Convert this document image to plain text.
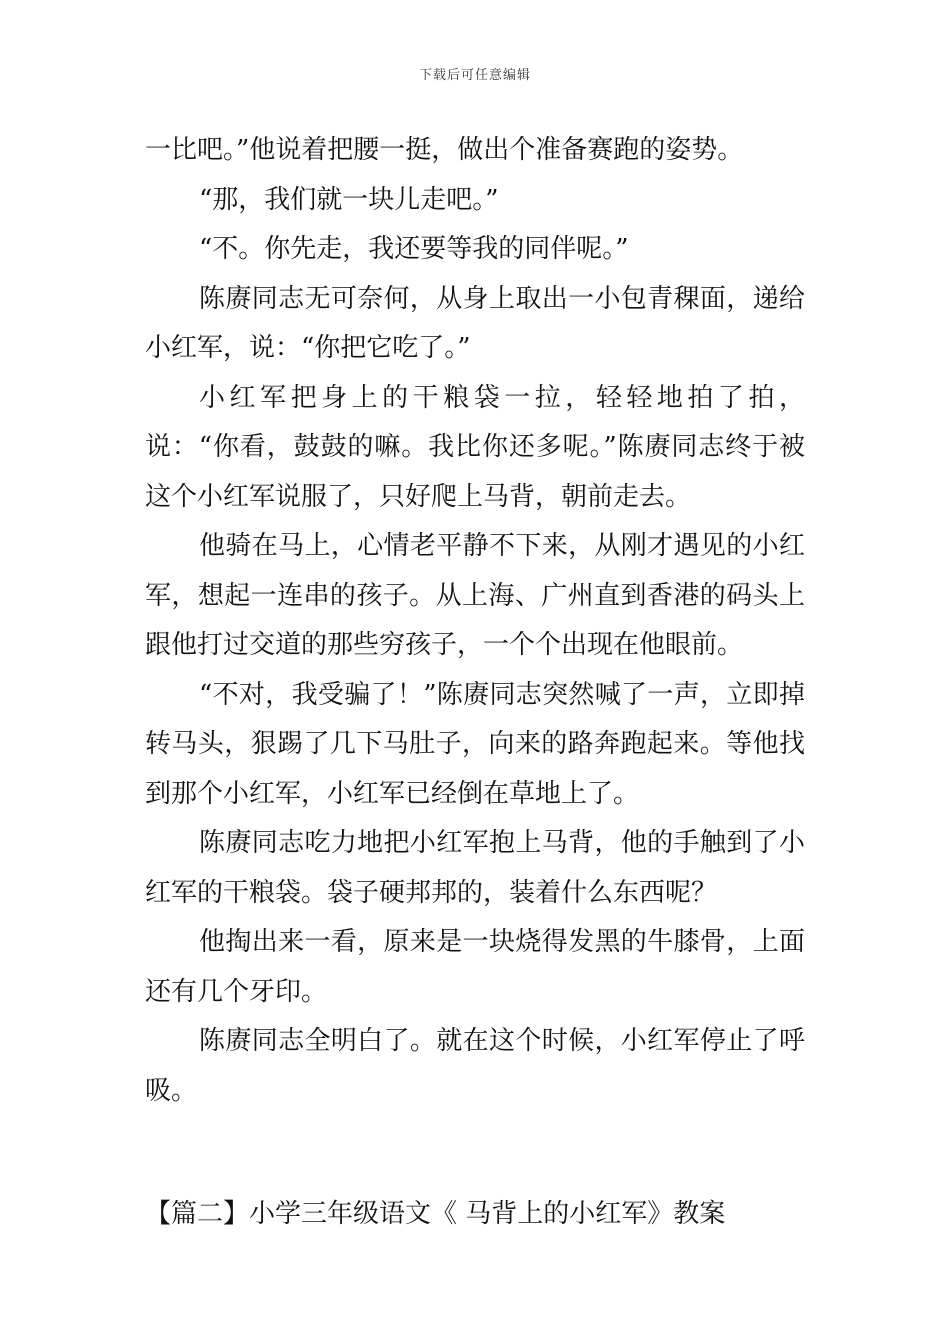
下载后可任意编辑

一比吧。”他说着把腰一挺，做出个准备赛跑的姿势。

“那，我们就一块儿走吧。”

“不。你先走，我还要等我的同伴呢。”

陈赓同志无可奈何，从身上取出一小包青稞面，递给小红军，说：“你把它吃了。”

小红军把身上的干粮袋一拉，轻轻地拍了拍，说：“你看，鼓鼓的嘛。我比你还多呢。”陈赓同志终于被这个小红军说服了，只好爬上马背，朝前走去。

他骑在马上，心情老平静不下来，从刚才遇见的小红军，想起一连串的孩子。从上海、广州直到香港的码头上跟他打过交道的那些穷孩子，一个个出现在他眼前。

“不对，我受骗了！”陈赓同志突然喊了一声，立即掉转马头，狠踢了几下马肚子，向来的路奔跑起来。等他找到那个小红军，小红军已经倒在草地上了。

陈赓同志吃力地把小红军抱上马背，他的手触到了小红军的干粮袋。袋子硬邦邦的，装着什么东西呢？

他掏出来一看，原来是一块烧得发黑的牛膝骨，上面还有几个牙印。

陈赓同志全明白了。就在这个时候，小红军停止了呼吸。

【篇二】小学三年级语文《 马背上的小红军》教案
